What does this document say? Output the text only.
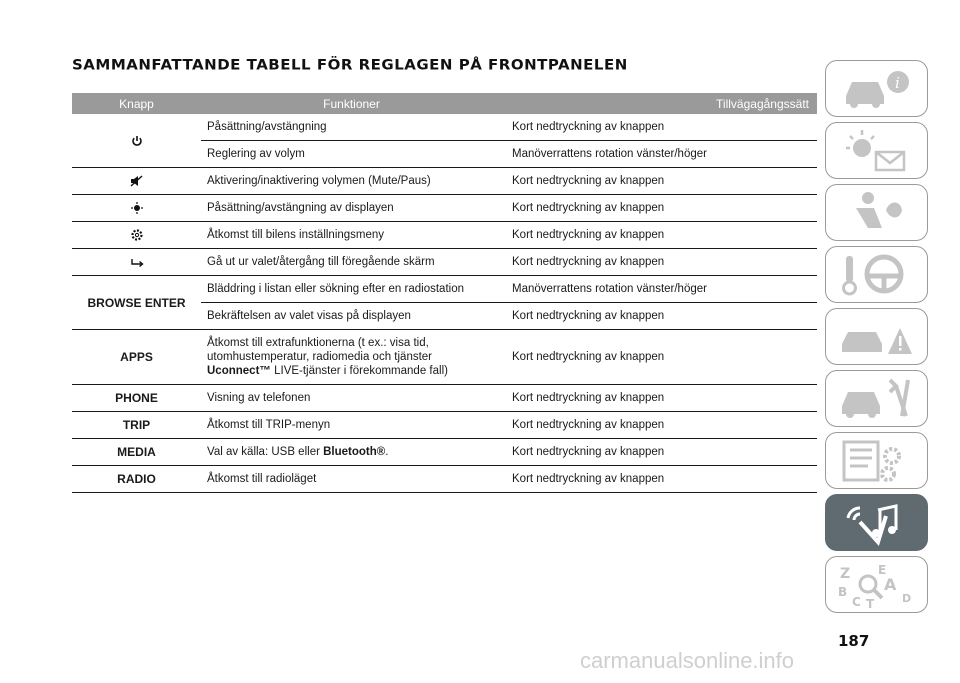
SAMMANFATTANDE TABELL FÖR REGLAGEN PÅ FRONTPANELEN
Knapp	Funktioner	Tillvägagångssätt

	Påsättning/avstängning	Kort nedtryckning av knappen
	Reglering av volym	Manöverrattens rotation vänster/höger

	Aktivering/inaktivering volymen (Mute/Paus)	Kort nedtryckning av knappen

	Påsättning/avstängning av displayen	Kort nedtryckning av knappen

	Åtkomst till bilens inställningsmeny	Kort nedtryckning av knappen

	Gå ut ur valet/återgång till föregående skärm	Kort nedtryckning av knappen
BROWSE ENTER	Bläddring i listan eller sökning efter en radiostation	Manöverrattens rotation vänster/höger
	Bekräftelsen av valet visas på displayen	Kort nedtryckning av knappen
APPS	Åtkomst till extrafunktionerna (t ex.: visa tid,
utomhustemperatur, radiomedia och tjänster
Uconnect™ LIVE-tjänster i förekommande fall)	Kort nedtryckning av knappen
PHONE	Visning av telefonen	Kort nedtryckning av knappen
TRIP	Åtkomst till TRIP-menyn	Kort nedtryckning av knappen
MEDIA	Val av källa: USB eller Bluetooth®.	Kort nedtryckning av knappen
RADIO	Åtkomst till radioläget	Kort nedtryckning av knappen
i
Z E
A
B	D
C T
187
carmanualsonline.info
